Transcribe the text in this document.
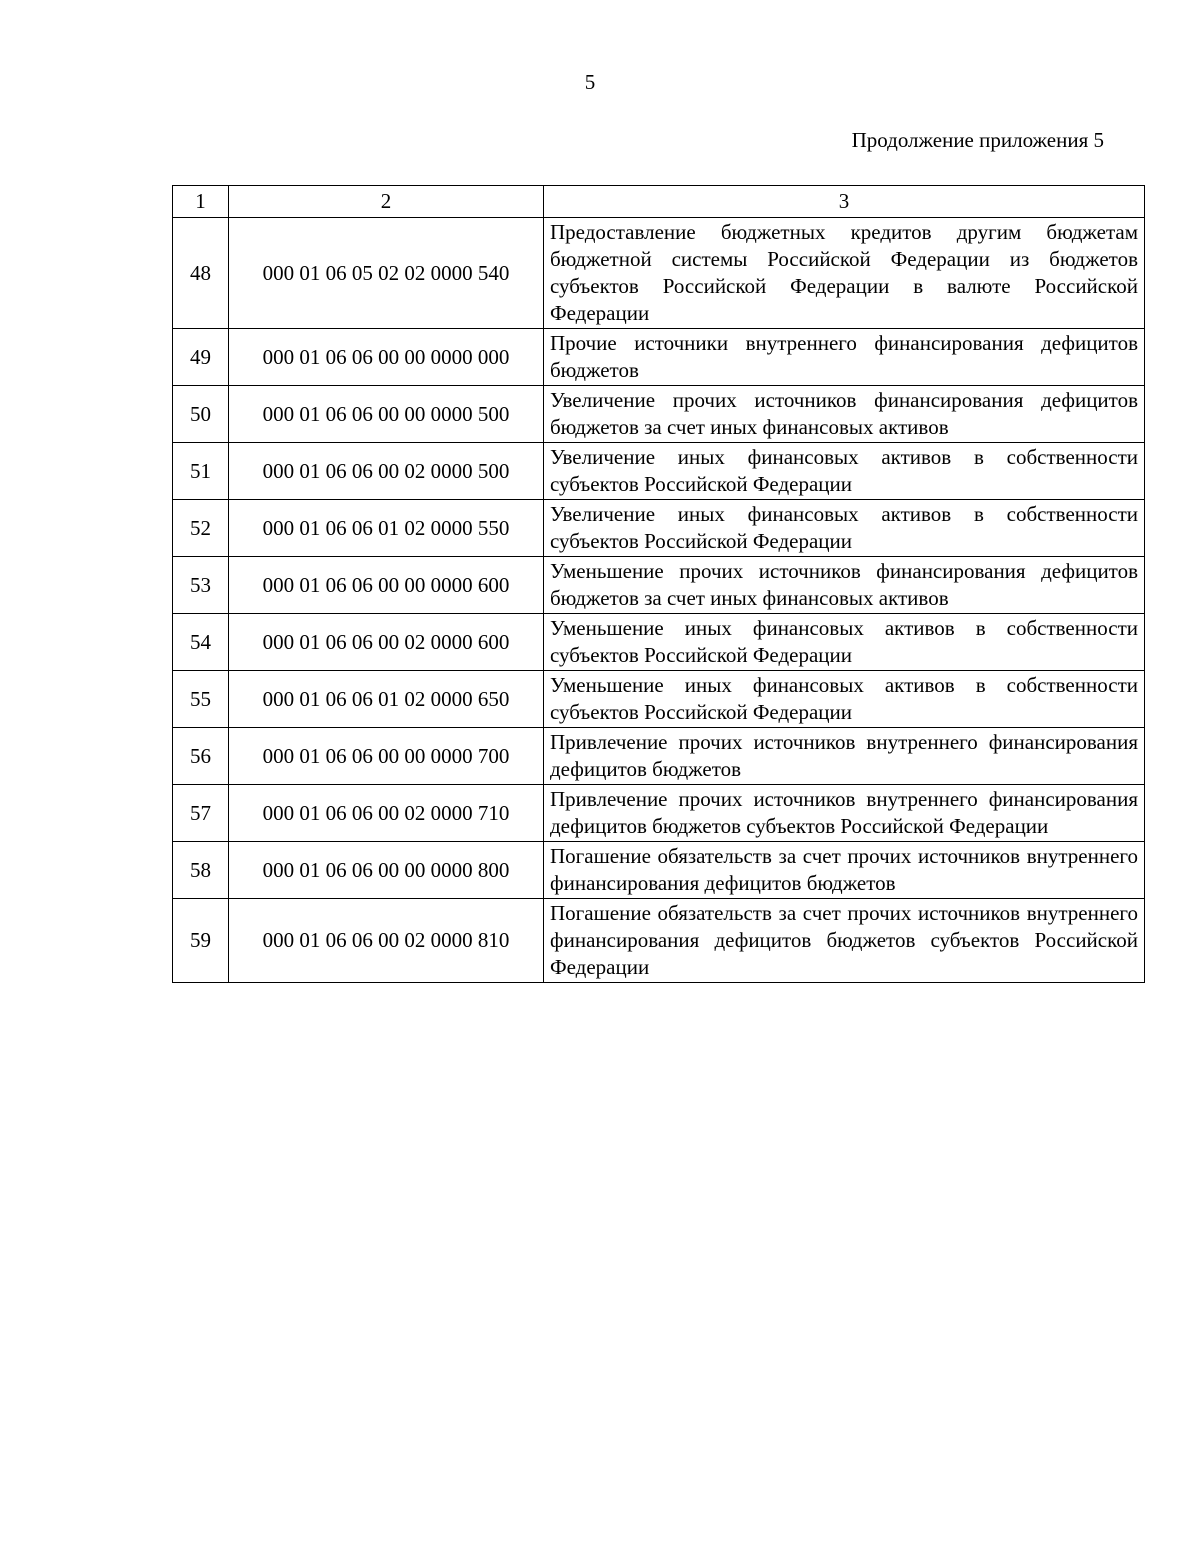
5
Продолжение приложения 5
1	2	3
48	000 01 06 05 02 02 0000 540	Предоставление бюджетных кредитов другим бюджетам бюджетной системы Российской Федерации из бюджетов субъектов Российской Федерации в валюте Российской Федерации
49	000 01 06 06 00 00 0000 000	Прочие источники внутреннего финансирования дефицитов бюджетов
50	000 01 06 06 00 00 0000 500	Увеличение прочих источников финансирования дефицитов бюджетов за счет иных финансовых активов
51	000 01 06 06 00 02 0000 500	Увеличение иных финансовых активов в собственности субъектов Российской Федерации
52	000 01 06 06 01 02 0000 550	Увеличение иных финансовых активов в собственности субъектов Российской Федерации
53	000 01 06 06 00 00 0000 600	Уменьшение прочих источников финансирования дефицитов бюджетов за счет иных финансовых активов
54	000 01 06 06 00 02 0000 600	Уменьшение иных финансовых активов в собственности субъектов Российской Федерации
55	000 01 06 06 01 02 0000 650	Уменьшение иных финансовых активов в собственности субъектов Российской Федерации
56	000 01 06 06 00 00 0000 700	Привлечение прочих источников внутреннего финансирования дефицитов бюджетов
57	000 01 06 06 00 02 0000 710	Привлечение прочих источников внутреннего финансирования дефицитов бюджетов субъектов Российской Федерации
58	000 01 06 06 00 00 0000 800	Погашение обязательств за счет прочих источников внутреннего финансирования дефицитов бюджетов
59	000 01 06 06 00 02 0000 810	Погашение обязательств за счет прочих источников внутреннего финансирования дефицитов бюджетов субъектов Российской Федерации
